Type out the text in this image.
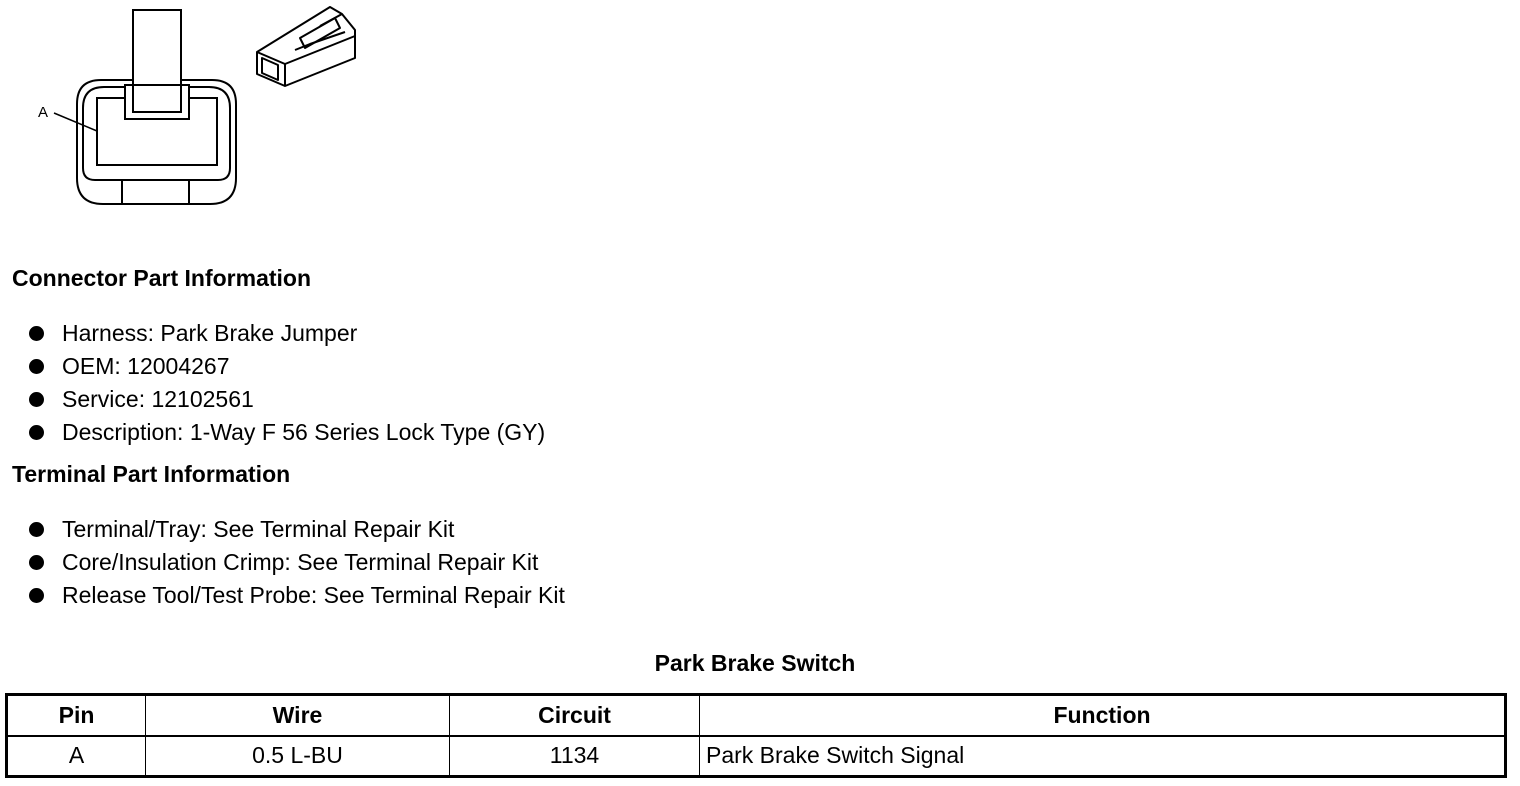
A
Connector Part Information
Harness: Park Brake Jumper
OEM: 12004267
Service: 12102561
Description: 1-Way F 56 Series Lock Type (GY)
Terminal Part Information
Terminal/Tray: See Terminal Repair Kit
Core/Insulation Crimp: See Terminal Repair Kit
Release Tool/Test Probe: See Terminal Repair Kit
Park Brake Switch
Pin	Wire	Circuit	Function
A	0.5 L-BU	1134	Park Brake Switch Signal
